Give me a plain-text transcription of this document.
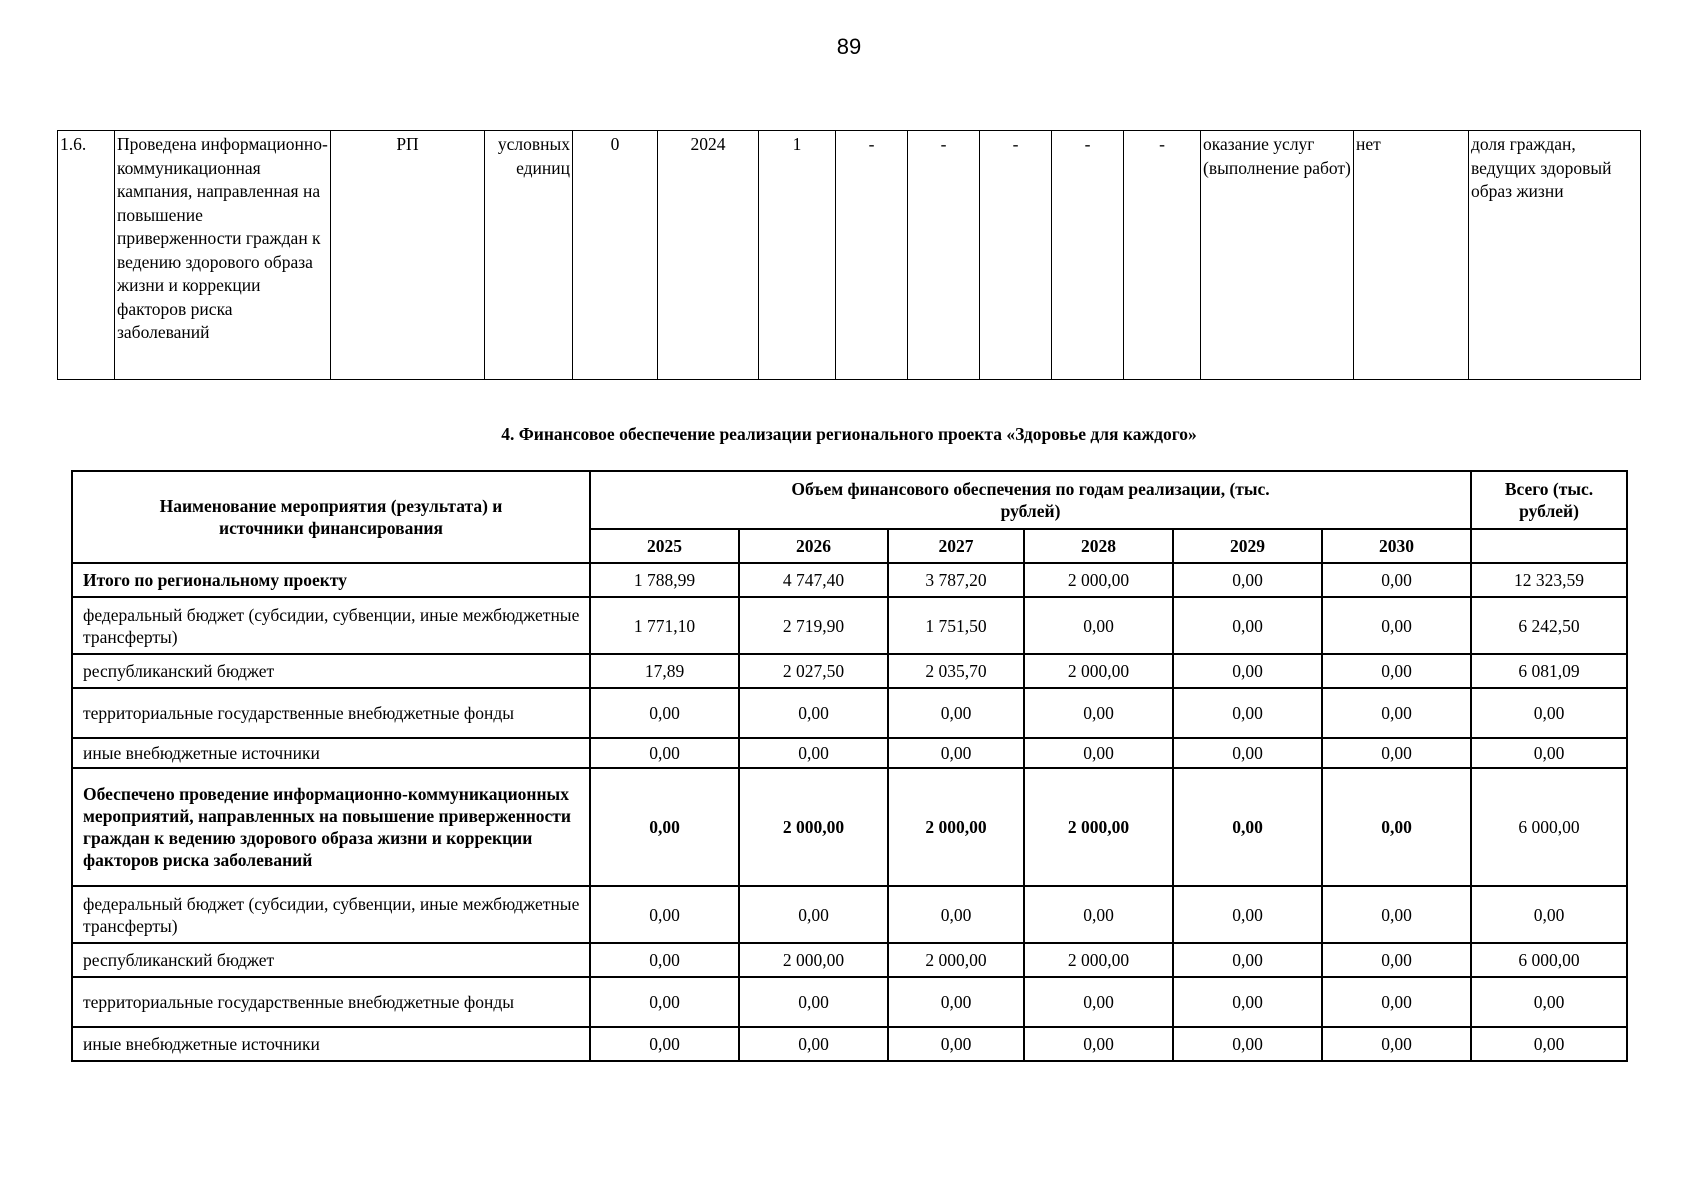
89
1.6.	Проведена информационно-коммуникационная кампания, направленная на повышение приверженности граждан к ведению здорового образа жизни и коррекции факторов риска заболеваний	РП	условных единиц	0	2024	1	-	-	-	-	-	оказание услуг (выполнение работ)	нет	доля граждан, ведущих здоровый образ жизни
4. Финансовое обеспечение реализации регионального проекта «Здоровье для каждого»
Наименование мероприятия (результата) и источники финансирования	Объем финансового обеспечения по годам реализации, (тыс. рублей)						Всего (тыс. рублей)
	2025	2026	2027	2028	2029	2030	
Итого по региональному проекту	1 788,99	4 747,40	3 787,20	2 000,00	0,00	0,00	12 323,59
федеральный бюджет (субсидии, субвенции, иные межбюджетные трансферты)	1 771,10	2 719,90	1 751,50	0,00	0,00	0,00	6 242,50
республиканский бюджет	17,89	2 027,50	2 035,70	2 000,00	0,00	0,00	6 081,09
территориальные государственные внебюджетные фонды	0,00	0,00	0,00	0,00	0,00	0,00	0,00
иные внебюджетные источники	0,00	0,00	0,00	0,00	0,00	0,00	0,00
Обеспечено проведение информационно-коммуникационных мероприятий, направленных на повышение приверженности граждан к ведению здорового образа жизни и коррекции факторов риска заболеваний	0,00	2 000,00	2 000,00	2 000,00	0,00	0,00	6 000,00
федеральный бюджет (субсидии, субвенции, иные межбюджетные трансферты)	0,00	0,00	0,00	0,00	0,00	0,00	0,00
республиканский бюджет	0,00	2 000,00	2 000,00	2 000,00	0,00	0,00	6 000,00
территориальные государственные внебюджетные фонды	0,00	0,00	0,00	0,00	0,00	0,00	0,00
иные внебюджетные источники	0,00	0,00	0,00	0,00	0,00	0,00	0,00
